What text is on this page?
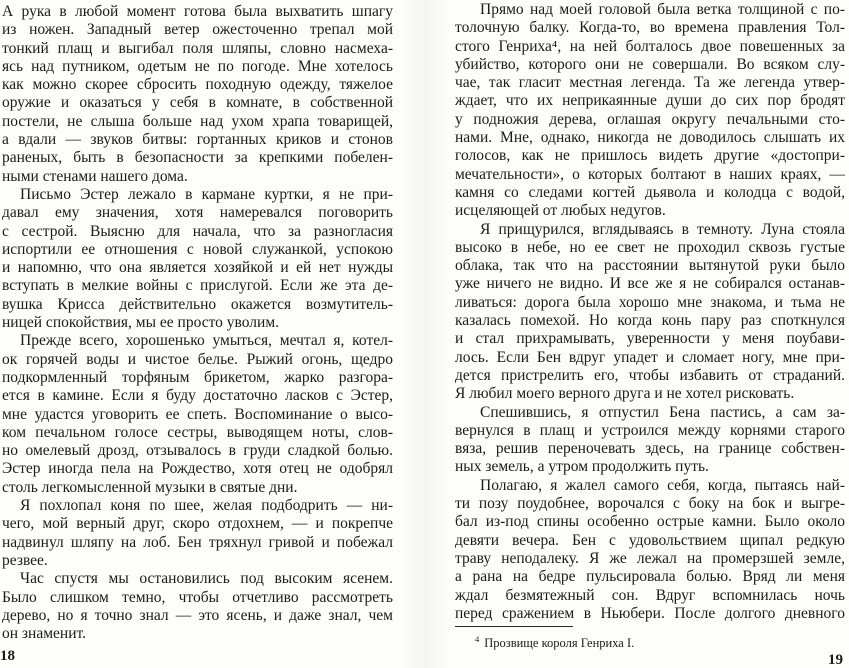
А рука в любой момент готова была выхватить шпагу
из ножен. Западный ветер ожесточенно трепал мой
тонкий плащ и выгибал поля шляпы, словно насмеха-
ясь над путником, одетым не по погоде. Мне хотелось
как можно скорее сбросить походную одежду, тяжелое
оружие и оказаться у себя в комнате, в собственной
постели, не слыша больше над ухом храпа товарищей,
а вдали — звуков битвы: гортанных криков и стонов
раненых, быть в безопасности за крепкими побелен-
ными стенами нашего дома.
Письмо Эстер лежало в кармане куртки, я не при-
давал ему значения, хотя намеревался поговорить
с сестрой. Выясню для начала, что за разногласия
испортили ее отношения с новой служанкой, успокою
и напомню, что она является хозяйкой и ей нет нужды
вступать в мелкие войны с прислугой. Если же эта де-
вушка Крисса действительно окажется возмутитель-
ницей спокойствия, мы ее просто уволим.
Прежде всего, хорошенько умыться, мечтал я, котел-
ок горячей воды и чистое белье. Рыжий огонь, щедро
подкормленный торфяным брикетом, жарко разгора-
ется в камине. Если я буду достаточно ласков с Эстер,
мне удастся уговорить ее спеть. Воспоминание о высо-
ком печальном голосе сестры, выводящем ноты, слов-
но омелевый дрозд, отзывалось в груди сладкой болью.
Эстер иногда пела на Рождество, хотя отец не одобрял
столь легкомысленной музыки в святые дни.
Я похлопал коня по шее, желая подбодрить — ни-
чего, мой верный друг, скоро отдохнем, — и покрепче
надвинул шляпу на лоб. Бен тряхнул гривой и побежал
резвее.
Час спустя мы остановились под высоким ясенем.
Было слишком темно, чтобы отчетливо рассмотреть
дерево, но я точно знал — это ясень, и даже знал, чем
он знаменит.
Прямо над моей головой была ветка толщиной с по-
толочную балку. Когда-то, во времена правления Тол-
стого Генриха⁴, на ней болталось двое повешенных за
убийство, которого они не совершали. Во всяком слу-
чае, так гласит местная легенда. Та же легенда утвер-
ждает, что их неприкаянные души до сих пор бродят
у подножия дерева, оглашая округу печальными сто-
нами. Мне, однако, никогда не доводилось слышать их
голосов, как не пришлось видеть другие «достопри-
мечательности», о которых болтают в наших краях, —
камня со следами когтей дьявола и колодца с водой,
исцеляющей от любых недугов.
Я прищурился, вглядываясь в темноту. Луна стояла
высоко в небе, но ее свет не проходил сквозь густые
облака, так что на расстоянии вытянутой руки было
уже ничего не видно. И все же я не собирался останав-
ливаться: дорога была хорошо мне знакома, и тьма не
казалась помехой. Но когда конь пару раз споткнулся
и стал прихрамывать, уверенности у меня поубави-
лось. Если Бен вдруг упадет и сломает ногу, мне при-
дется пристрелить его, чтобы избавить от страданий.
Я любил моего верного друга и не хотел рисковать.
Спешившись, я отпустил Бена пастись, а сам за-
вернулся в плащ и устроился между корнями старого
вяза, решив переночевать здесь, на границе собствен-
ных земель, а утром продолжить путь.
Полагаю, я жалел самого себя, когда, пытаясь най-
ти позу поудобнее, ворочался с боку на бок и выгре-
бал из-под спины особенно острые камни. Было около
девяти вечера. Бен с удовольствием щипал редкую
траву неподалеку. Я же лежал на промерзшей земле,
а рана на бедре пульсировала болью. Вряд ли меня
ждал безмятежный сон. Вдруг вспомнилась ночь
перед сражением в Ньюбери. После долгого дневного
$^4$ Прозвище короля Генриха I.
18	19
